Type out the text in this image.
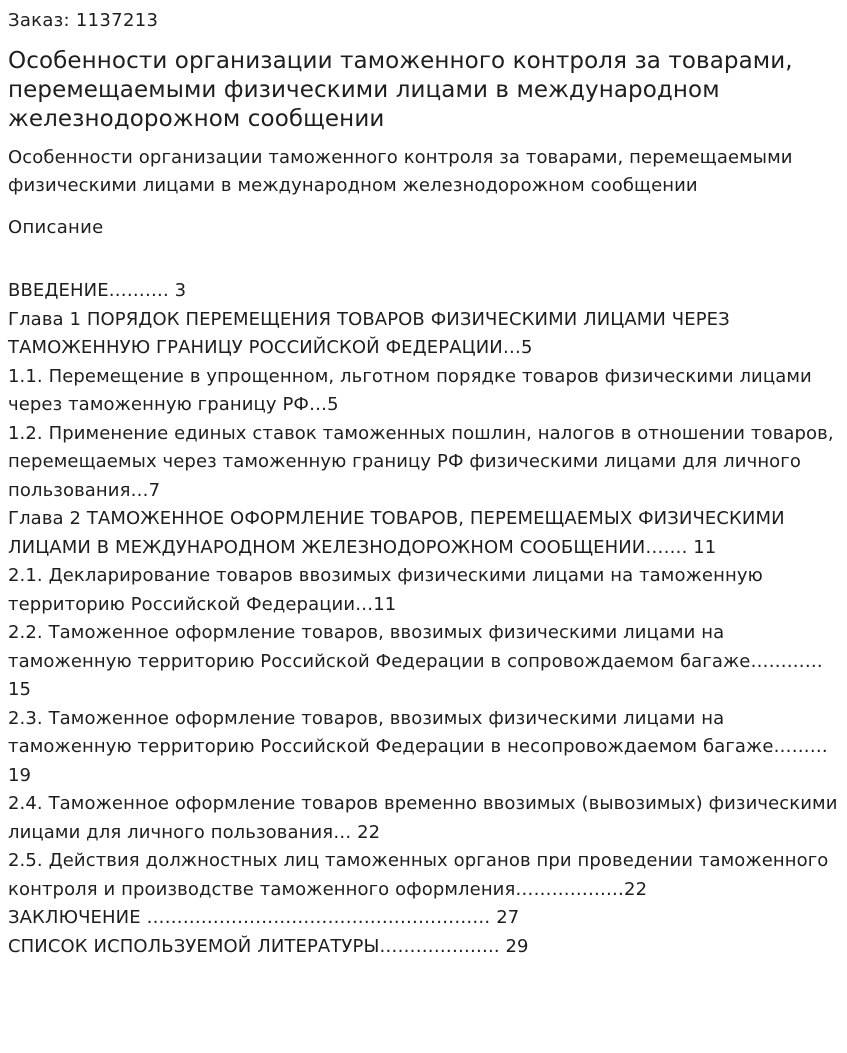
Заказ: 1137213
Особенности организации таможенного контроля за товарами, перемещаемыми физическими лицами в международном железнодорожном сообщении
Особенности организации таможенного контроля за товарами, перемещаемыми физическими лицами в международном железнодорожном сообщении
Описание
ВВЕДЕНИЕ………. 3
Глава 1 ПОРЯДОК ПЕРЕМЕЩЕНИЯ ТОВАРОВ ФИЗИЧЕСКИМИ ЛИЦАМИ ЧЕРЕЗ ТАМОЖЕННУЮ ГРАНИЦУ РОССИЙСКОЙ ФЕДЕРАЦИИ…5
1.1. Перемещение в упрощенном, льготном порядке товаров физическими лицами через таможенную границу РФ…5
1.2. Применение единых ставок таможенных пошлин, налогов в отношении товаров, перемещаемых через таможенную границу РФ физическими лицами для личного пользования…7
Глава 2 ТАМОЖЕННОЕ ОФОРМЛЕНИЕ ТОВАРОВ, ПЕРЕМЕЩАЕМЫХ ФИЗИЧЕСКИМИ ЛИЦАМИ В МЕЖДУНАРОДНОМ ЖЕЛЕЗНОДОРОЖНОМ СООБЩЕНИИ……. 11
2.1. Декларирование товаров ввозимых физическими лицами на таможенную территорию Российской Федерации…11
2.2. Таможенное оформление товаров, ввозимых физическими лицами на таможенную территорию Российской Федерации в сопровождаемом багаже…………15
2.3. Таможенное оформление товаров, ввозимых физическими лицами на таможенную территорию Российской Федерации в несопровождаемом багаже………19
2.4. Таможенное оформление товаров временно ввозимых (вывозимых) физическими лицами для личного пользования… 22
2.5. Действия должностных лиц таможенных органов при проведении таможенного контроля и производстве таможенного оформления………………22
ЗАКЛЮЧЕНИЕ ………………………………………………… 27
СПИСОК ИСПОЛЬЗУЕМОЙ ЛИТЕРАТУРЫ……………….. 29
